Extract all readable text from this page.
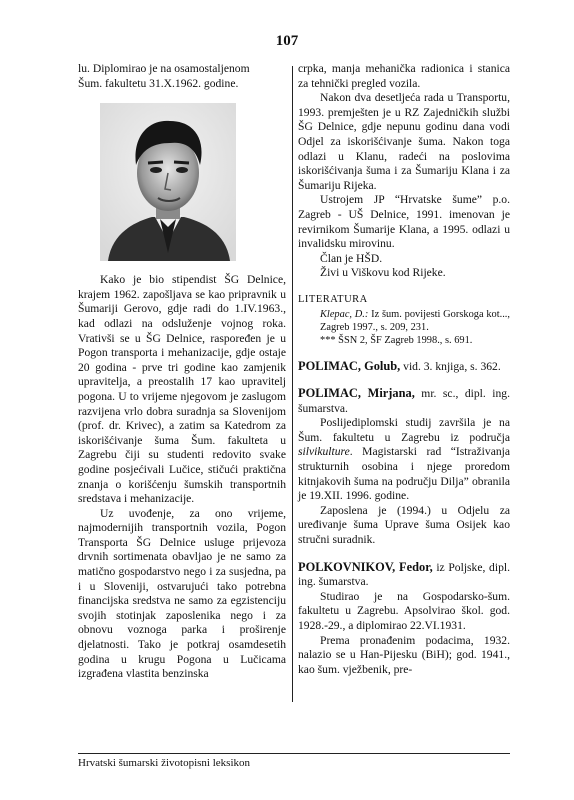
107

lu. Diplomirao je na osamostaljenom

Šum. fakultetu 31.X.1962. godine.

Kako je bio stipendist ŠG Delnice, krajem 1962. zapošljava se kao pripravnik u Šumariji Gerovo, gdje radi do 1.IV.1963., kad odlazi na odsluženje vojnog roka. Vrativši se u ŠG Delnice, raspoređen je u Pogon transporta i mehanizacije, gdje ostaje 20 godina - prve tri godine kao zamjenik upravitelja, a preostalih 17 kao upravitelj pogona. U to vrijeme njegovom je zaslugom razvijena vrlo dobra suradnja sa Slovenijom (prof. dr. Krivec), a zatim sa Katedrom za iskorišćivanje šuma Šum. fakulteta u Zagrebu čiji su studenti redovito svake godine posjećivali Lučice, stičući praktična znanja o korišćenju šumskih transportnih sredstava i mehanizacije.

Uz uvođenje, za ono vrijeme, najmodernijih transportnih vozila, Pogon Transporta ŠG Delnice usluge prijevoza drvnih sortimenata obavljao je ne samo za matično gospodarstvo nego i za susjedna, pa i u Sloveniji, ostvarujući tako potrebna financijska sredstva ne samo za egzistenciju svojih stotinjak zaposlenika nego i za obnovu voznoga parka i proširenje djelatnosti. Tako je potkraj osamdesetih godina u krugu Pogona u Lučicama izgrađena vlastita benzinska

crpka, manja mehanička radionica i stanica za tehnički pregled vozila.

Nakon dva desetljeća rada u Transportu, 1993. premješten je u RZ Zajedničkih službi ŠG Delnice, gdje nepunu godinu dana vodi Odjel za iskorišćivanje šuma. Nakon toga odlazi u Klanu, radeći na poslovima iskorišćivanja šuma i za Šumariju Klana i za Šumariju Rijeka.

Ustrojem JP “Hrvatske šume” p.o. Zagreb - UŠ Delnice, 1991. imenovan je revirnikom Šumarije Klana, a 1995. odlazi u invalidsku mirovinu.

Član je HŠD.

Živi u Viškovu kod Rijeke.

LITERATURA

Klepac, D.: Iz šum. povijesti Gorskoga kot..., Zagreb 1997., s. 209, 231.

*** ŠSN 2, ŠF Zagreb 1998., s. 691.

POLIMAC, Golub, vid. 3. knjiga, s. 362.

POLIMAC, Mirjana, mr. sc., dipl. ing. šumarstva.

Poslijediplomski studij završila je na Šum. fakultetu u Zagrebu iz područja silvikulture. Magistarski rad “Istraživanja strukturnih osobina i njege proredom kitnjakovih šuma na području Dilja” obranila je 19.XII. 1996. godine.

Zaposlena je (1994.) u Odjelu za uređivanje šuma Uprave šuma Osijek kao stručni suradnik.

POLKOVNIKOV, Fedor, iz Poljske, dipl. ing. šumarstva.

Studirao je na Gospodarsko-šum. fakultetu u Zagrebu. Apsolvirao škol. god. 1928.-29., a diplomirao 22.VI.1931.

Prema pronađenim podacima, 1932. nalazio se u Han-Pijesku (BiH); god. 1941., kao šum. vježbenik, pre-

Hrvatski šumarski životopisni leksikon
